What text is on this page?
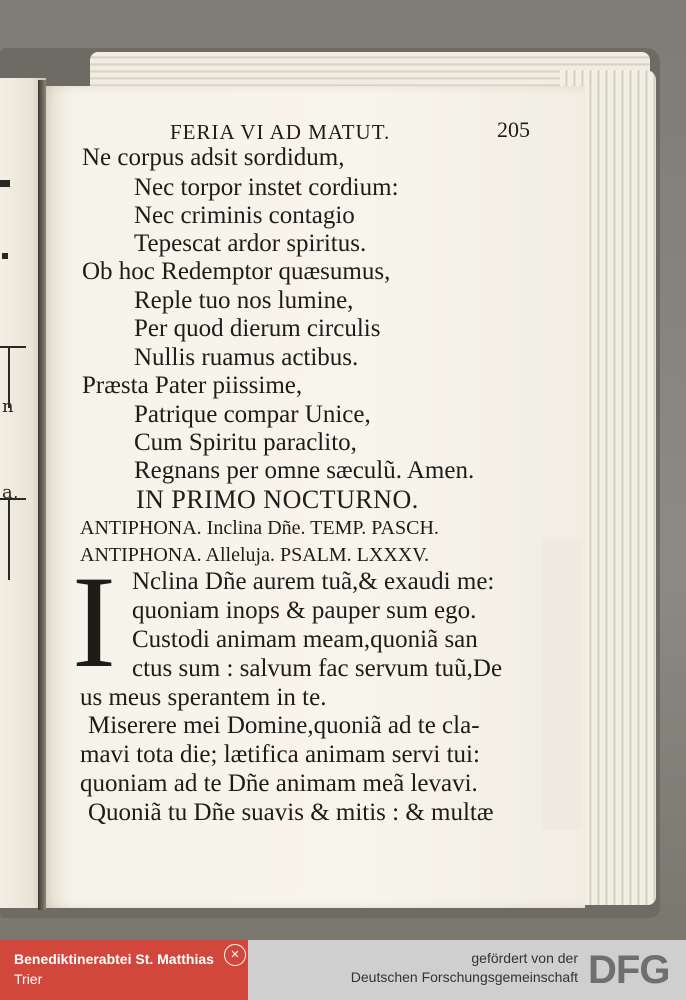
n
a,
FERIA VI AD MATUT.	205
Ne corpus adsit sordidum,
Nec torpor instet cordium:
Nec criminis contagio
Tepescat ardor spiritus.
Ob hoc Redemptor quæsumus,
Reple tuo nos lumine,
Per quod dierum circulis
Nullis ruamus actibus.
Præsta Pater piissime,
Patrique compar Unice,
Cum Spiritu paraclito,
Regnans per omne sæculũ. Amen.
IN PRIMO NOCTURNO.
ANTIPHONA. Inclina Dñe. TEMP. PASCH.
ANTIPHONA. Alleluja. PSALM. LXXXV.
I Nclina Dñe aurem tuã,& exaudi me:
quoniam inops & pauper sum ego.
Custodi animam meam,quoniã san
ctus sum : salvum fac servum tuũ,De
us meus sperantem in te.
Miserere mei Domine,quoniã ad te cla-
mavi tota die; lætifica animam servi tui:
quoniam ad te Dñe animam meã levavi.
Quoniã tu Dñe suavis & mitis : & multæ
Benediktinerabtei St. Matthias
Trier
✕	gefördert von der
Deutschen Forschungsgemeinschaft DFG
